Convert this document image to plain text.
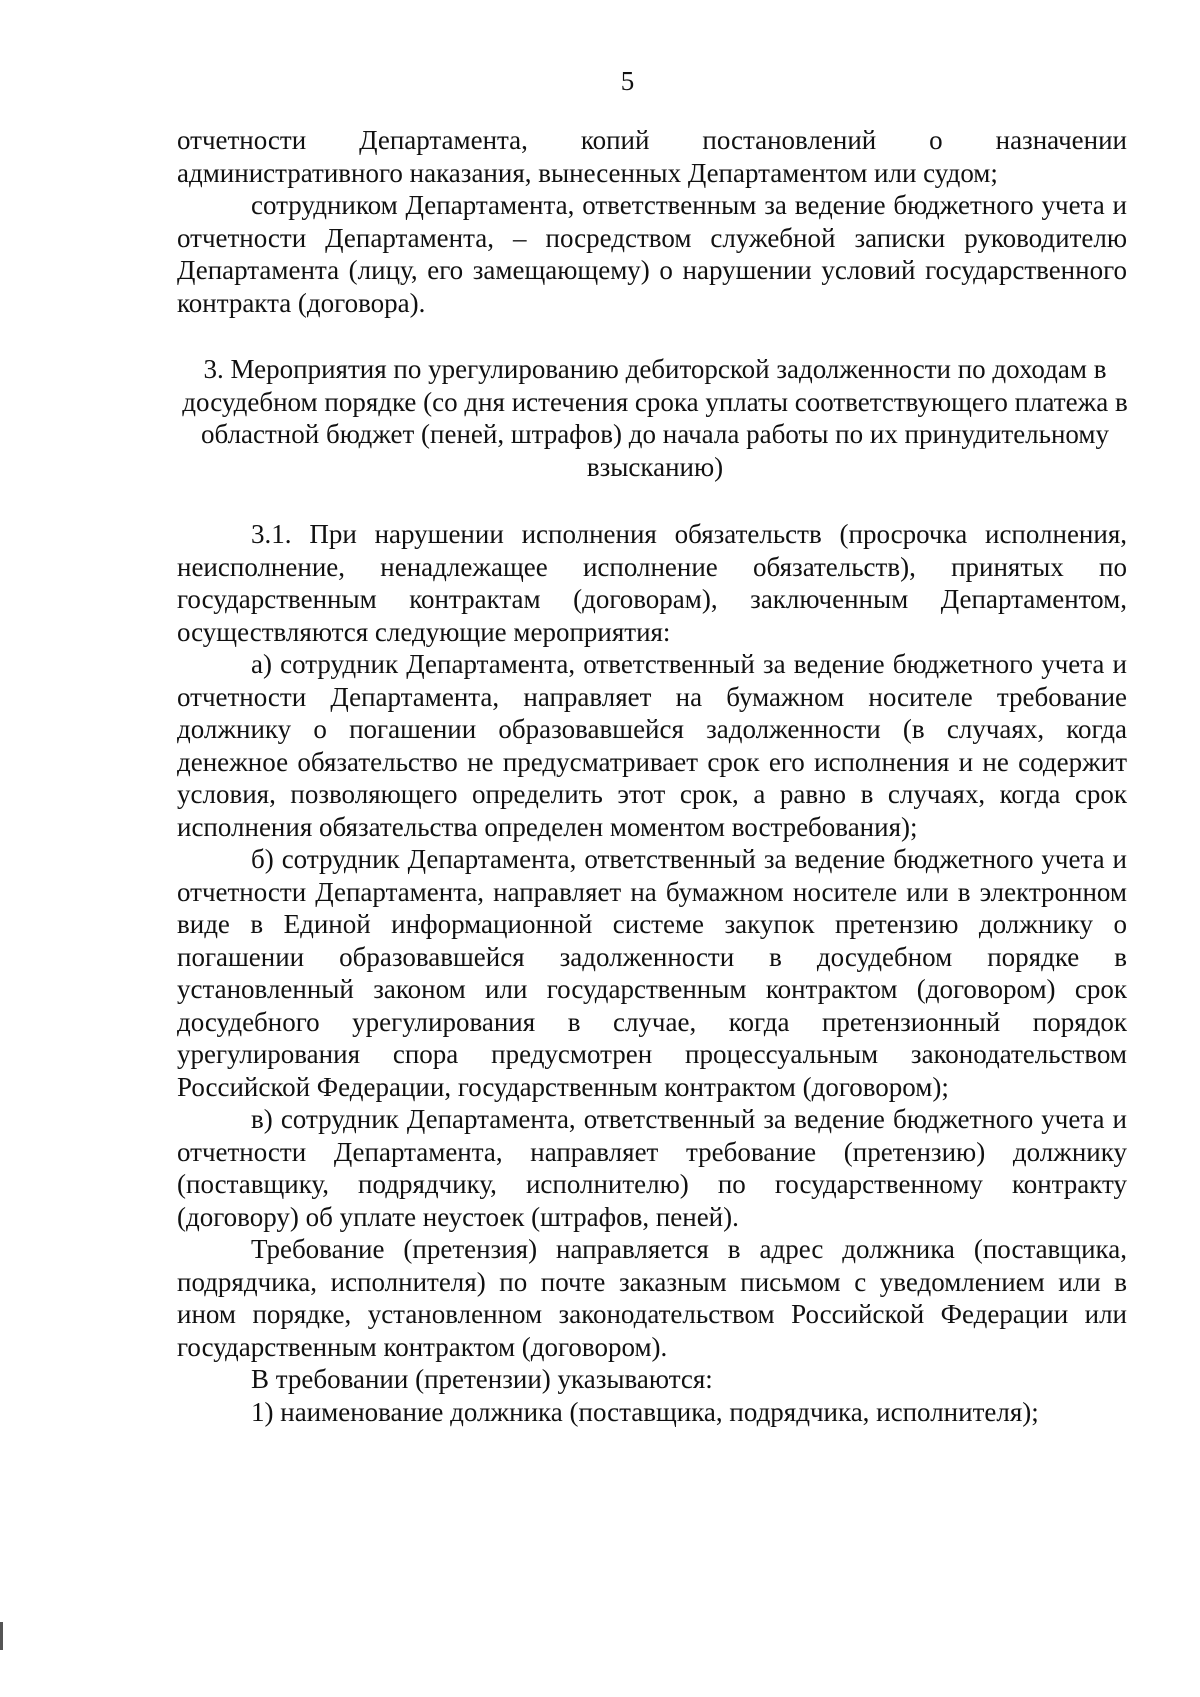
5

отчетности Департамента, копий постановлений о назначении административного наказания, вынесенных Департаментом или судом;

сотрудником Департамента, ответственным за ведение бюджетного учета и отчетности Департамента, – посредством служебной записки руководителю Департамента (лицу, его замещающему) о нарушении условий государственного контракта (договора).

3. Мероприятия по урегулированию дебиторской задолженности по доходам в досудебном порядке (со дня истечения срока уплаты соответствующего платежа в областной бюджет (пеней, штрафов) до начала работы по их принудительному взысканию)

3.1. При нарушении исполнения обязательств (просрочка исполнения, неисполнение, ненадлежащее исполнение обязательств), принятых по государственным контрактам (договорам), заключенным Департаментом, осуществляются следующие мероприятия:

а) сотрудник Департамента, ответственный за ведение бюджетного учета и отчетности Департамента, направляет на бумажном носителе требование должнику о погашении образовавшейся задолженности (в случаях, когда денежное обязательство не предусматривает срок его исполнения и не содержит условия, позволяющего определить этот срок, а равно в случаях, когда срок исполнения обязательства определен моментом востребования);

б) сотрудник Департамента, ответственный за ведение бюджетного учета и отчетности Департамента, направляет на бумажном носителе или в электронном виде в Единой информационной системе закупок претензию должнику о погашении образовавшейся задолженности в досудебном порядке в установленный законом или государственным контрактом (договором) срок досудебного урегулирования в случае, когда претензионный порядок урегулирования спора предусмотрен процессуальным законодательством Российской Федерации, государственным контрактом (договором);

в) сотрудник Департамента, ответственный за ведение бюджетного учета и отчетности Департамента, направляет требование (претензию) должнику (поставщику, подрядчику, исполнителю) по государственному контракту (договору) об уплате неустоек (штрафов, пеней).

Требование (претензия) направляется в адрес должника (поставщика, подрядчика, исполнителя) по почте заказным письмом с уведомлением или в ином порядке, установленном законодательством Российской Федерации или государственным контрактом (договором).

В требовании (претензии) указываются:

1) наименование должника (поставщика, подрядчика, исполнителя);
